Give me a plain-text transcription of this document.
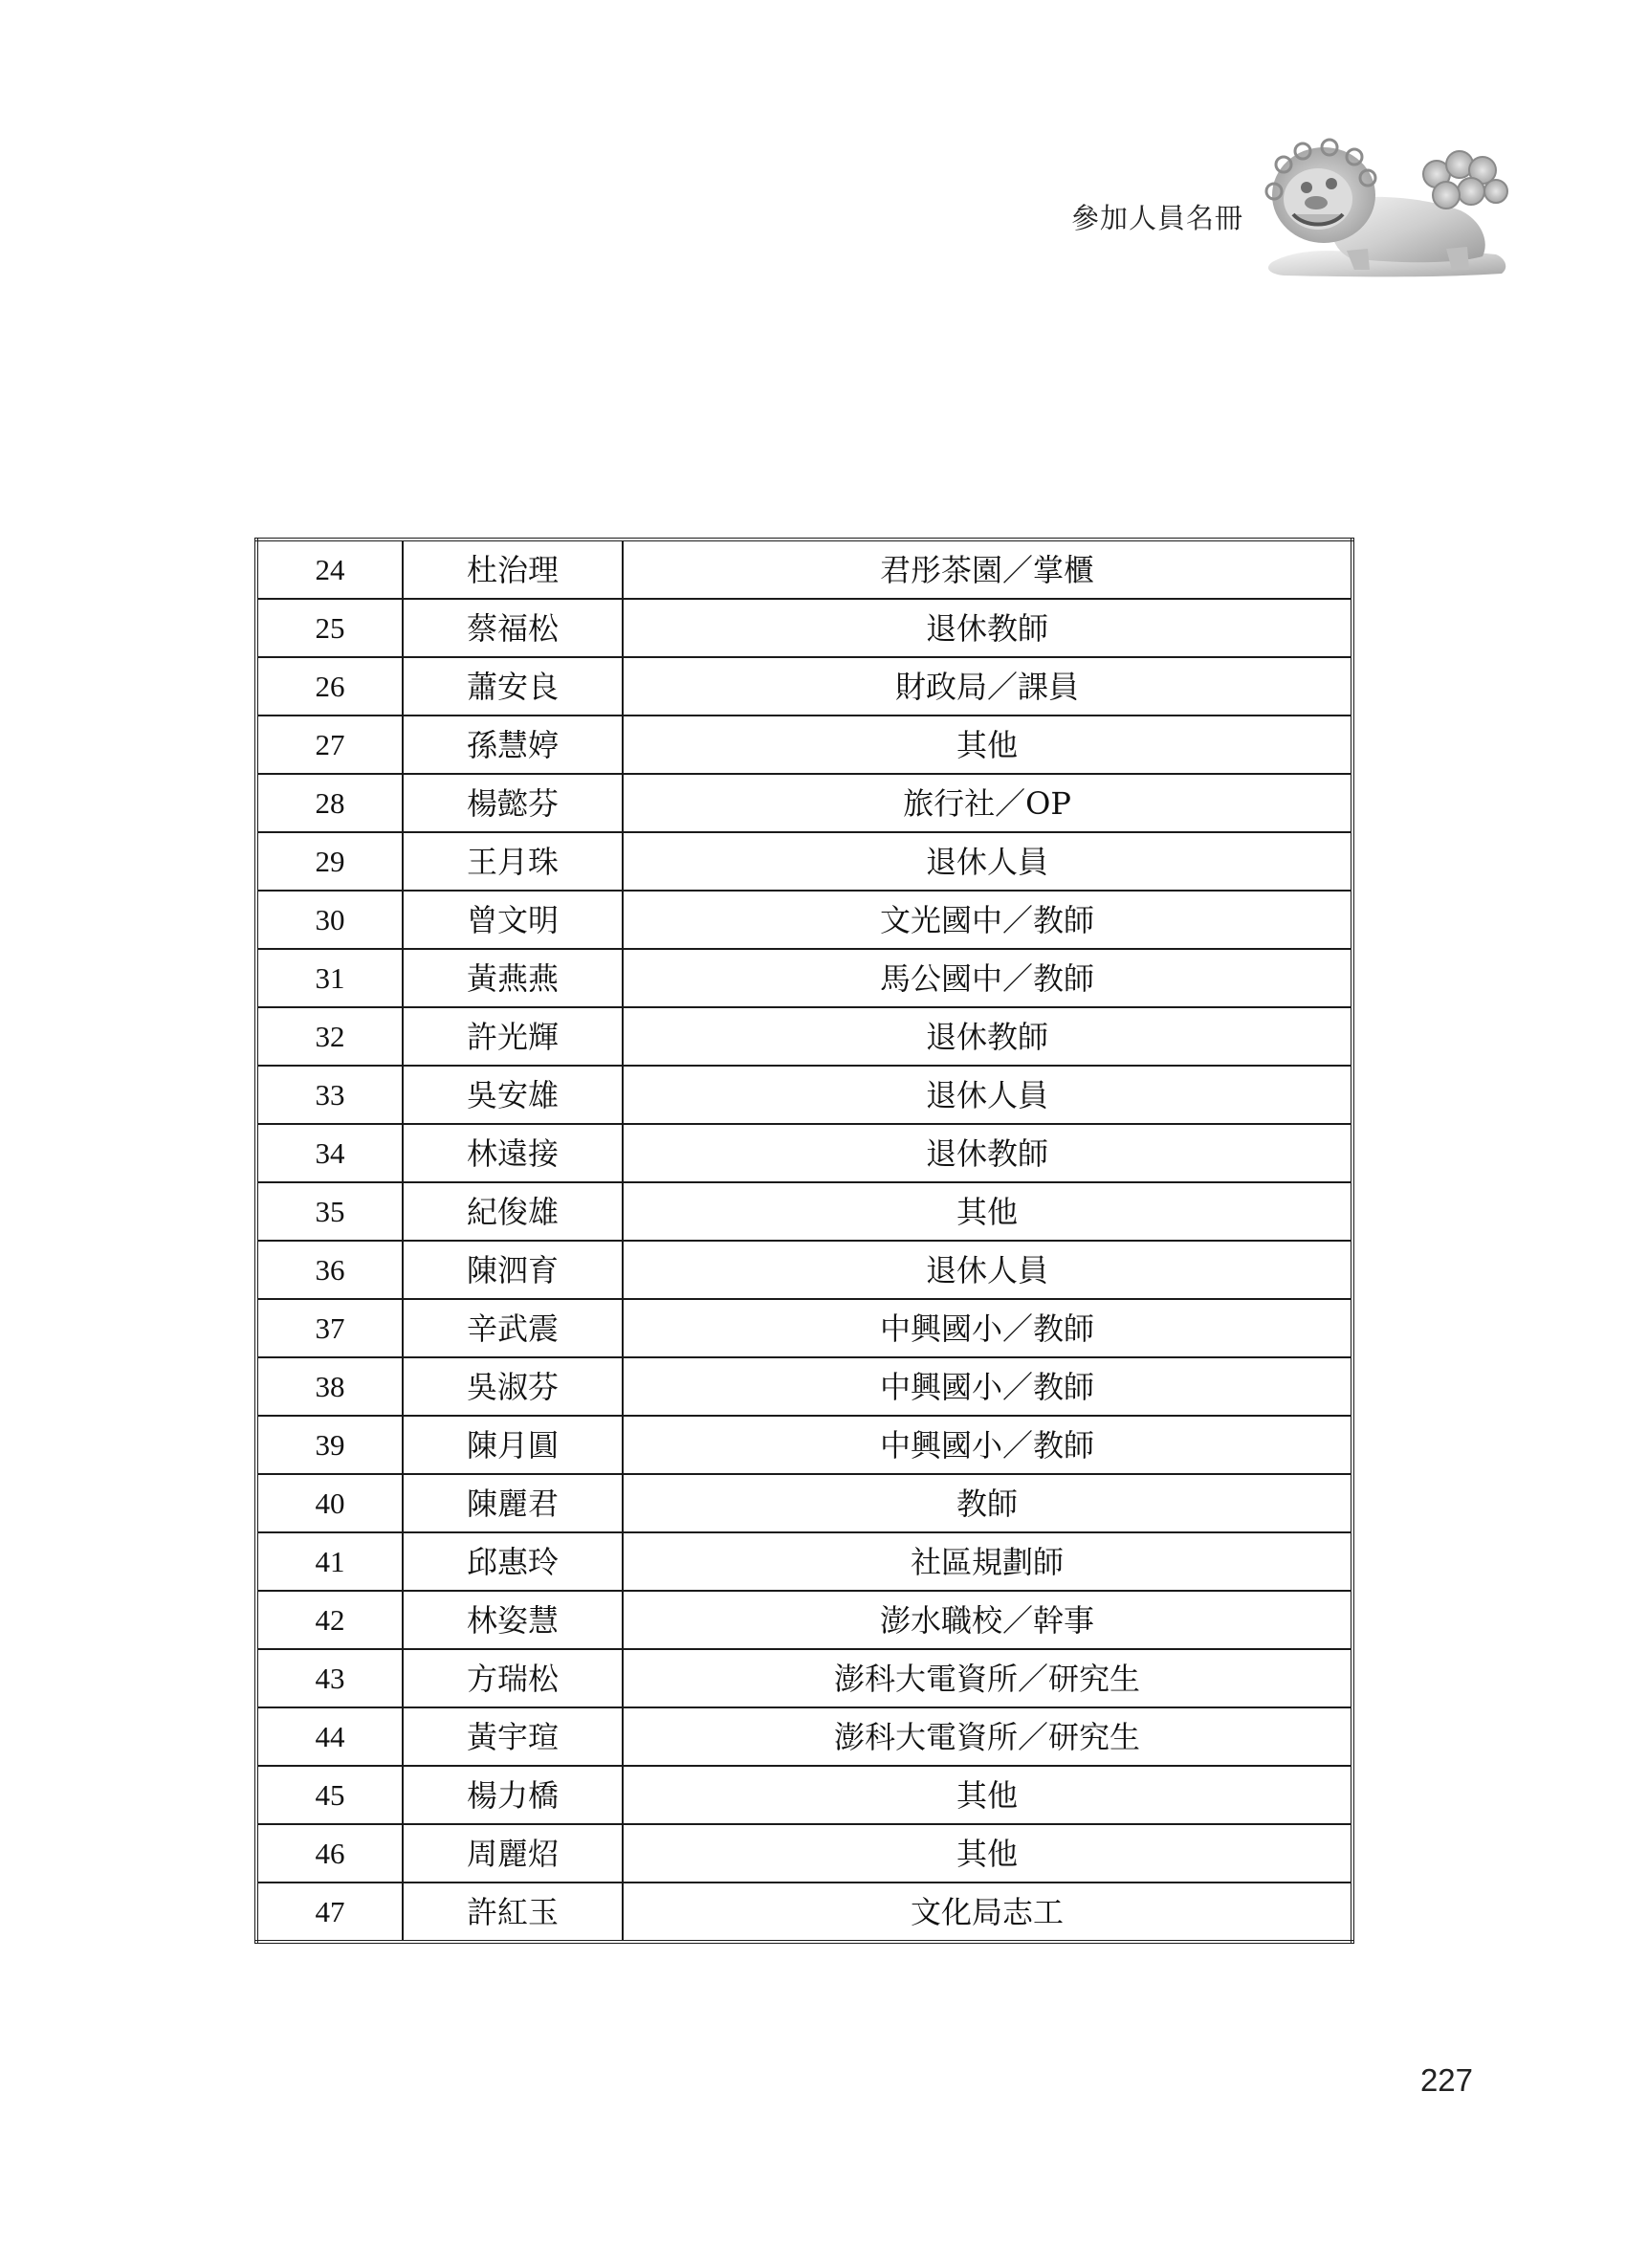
參加人員名冊
24	杜治理	君彤茶園／掌櫃
25	蔡福松	退休教師
26	蕭安良	財政局／課員
27	孫慧婷	其他
28	楊懿芬	旅行社／OP
29	王月珠	退休人員
30	曾文明	文光國中／教師
31	黃燕燕	馬公國中／教師
32	許光輝	退休教師
33	吳安雄	退休人員
34	林遠接	退休教師
35	紀俊雄	其他
36	陳泗育	退休人員
37	辛武震	中興國小／教師
38	吳淑芬	中興國小／教師
39	陳月圓	中興國小／教師
40	陳麗君	教師
41	邱惠玲	社區規劃師
42	林姿慧	澎水職校／幹事
43	方瑞松	澎科大電資所／研究生
44	黃宇瑄	澎科大電資所／研究生
45	楊力橋	其他
46	周麗炤	其他
47	許紅玉	文化局志工
227
